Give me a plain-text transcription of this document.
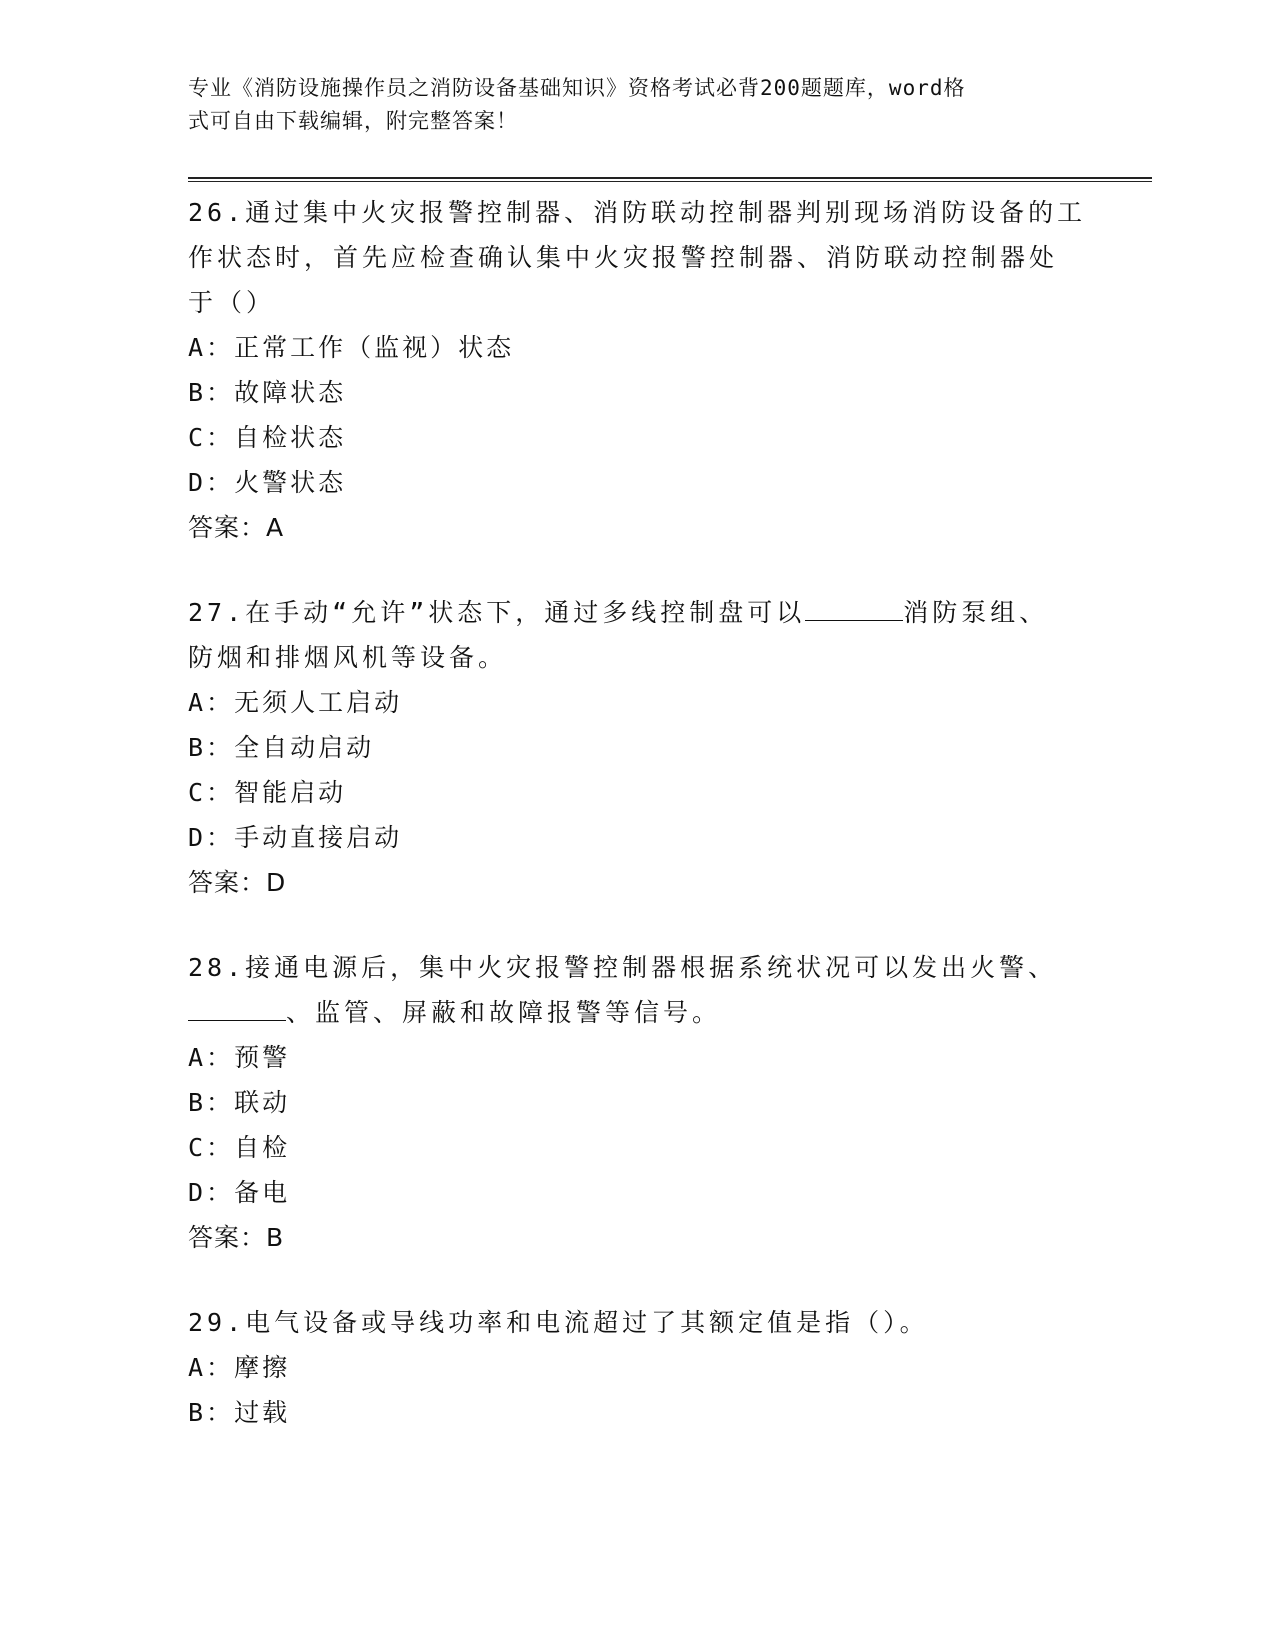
专业《消防设施操作员之消防设备基础知识》资格考试必背200题题库，word格
式可自由下载编辑，附完整答案！
26.通过集中火灾报警控制器、消防联动控制器判别现场消防设备的工
作状态时，首先应检查确认集中火灾报警控制器、消防联动控制器处
于（）
A：正常工作（监视）状态
B：故障状态
C：自检状态
D：火警状态
答案：A
27.在手动“允许”状态下，通过多线控制盘可以	消防泵组、
防烟和排烟风机等设备。
A：无须人工启动
B：全自动启动
C：智能启动
D：手动直接启动
答案：D
28.接通电源后，集中火灾报警控制器根据系统状况可以发出火警、
、监管、屏蔽和故障报警等信号。
A：预警
B：联动
C：自检
D：备电
答案：B
29.电气设备或导线功率和电流超过了其额定值是指（）。
A：摩擦
B：过载
